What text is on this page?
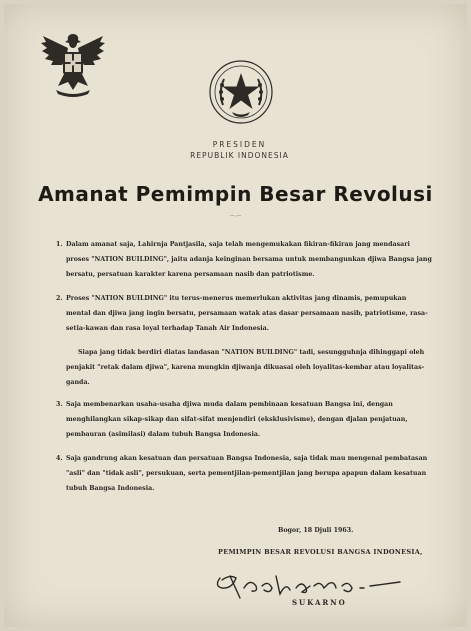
PRESIDEN
REPUBLIK INDONESIA
Amanat Pemimpin Besar Revolusi
—.—
1. Dalam amanat saja, Lahirnja Pantjasila, saja telah mengemukakan fikiran-fikiran jang mendasari proses "NATION BUILDING", jaitu adanja keinginan bersama untuk membangunkan djiwa Bangsa jang bersatu, persatuan karakter karena persamaan nasib dan patriotisme.
2. Proses "NATION BUILDING" itu terus-menerus memerlukan aktivitas jang dinamis, pemupukan mental dan djiwa jang ingin bersatu, persamaan watak atas dasar persamaan nasib, patriotisme, rasa-setia-kawan dan rasa loyal terhadap Tanah Air Indonesia.
Siapa jang tidak berdiri diatas landasan "NATION BUILDING" tadi, sesungguhnja dihinggapi oleh penjakit "retak dalam djiwa", karena mungkin djiwanja dikuasai oleh loyalitas-kembar atau loyalitas-ganda.
3. Saja membenarkan usaha-usaha djiwa muda dalam pembinaan kesatuan Bangsa ini, dengan menghilangkan sikap-sikap dan sifat-sifat menjendiri (eksklusivisme), dengan djalan penjatuan, pembauran (asimilasi) dalam tubuh Bangsa Indonesia.
4. Saja gandrung akan kesatuan dan persatuan Bangsa Indonesia, saja tidak mau mengenal pembatasan "asli" dan "tidak asli", persukuan, serta pementjilan-pementjilan jang berupa apapun dalam kesatuan tubuh Bangsa Indonesia.
Bogor, 18 Djuli 1963.
PEMIMPIN BESAR REVOLUSI BANGSA INDONESIA,
SUKARNO
